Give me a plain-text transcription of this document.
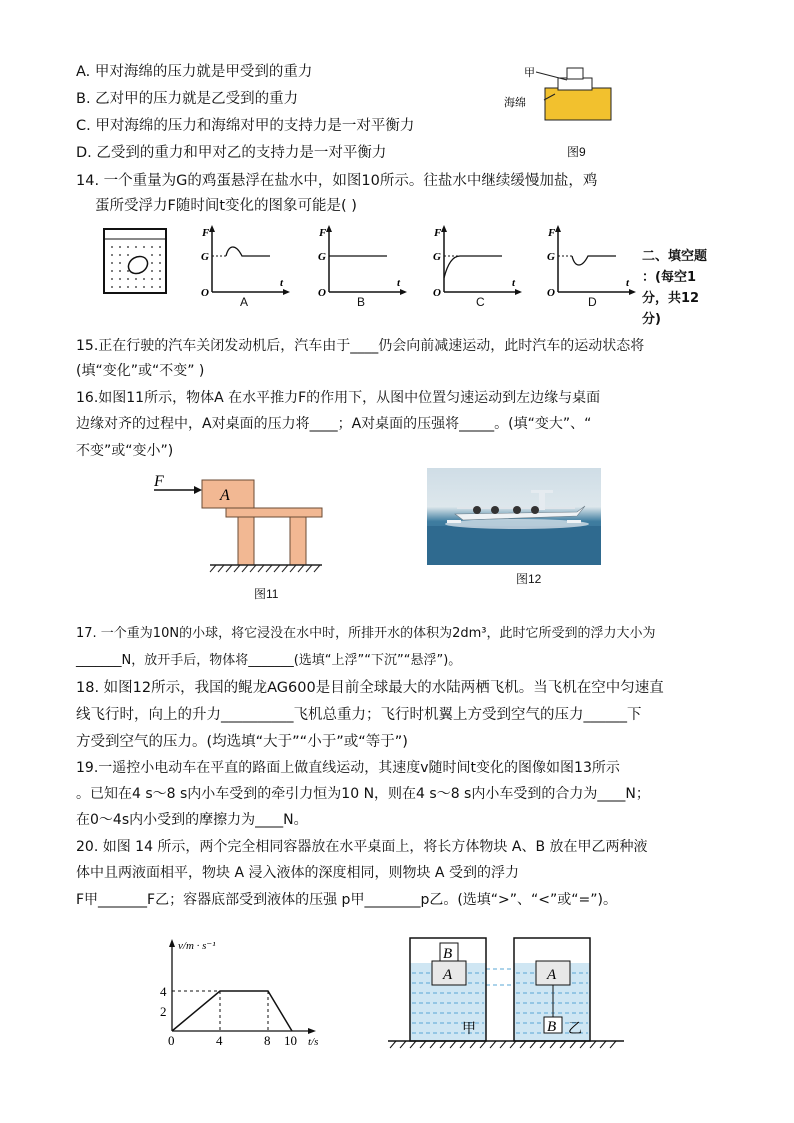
A. 甲对海绵的压力就是甲受到的重力
B. 乙对甲的压力就是乙受到的重力
C. 甲对海绵的压力和海绵对甲的支持力是一对平衡力
D. 乙受到的重力和甲对乙的支持力是一对平衡力
甲
海绵
图9
14. 一个重量为G的鸡蛋悬浮在盐水中，如图10所示。往盐水中继续缓慢加盐，鸡
蛋所受浮力F随时间t变化的图象可能是( )
F
G
O
t
A
F
G
O
t
B
F
G
O
t
C
F
G
O
t
D
二、填空题
：(每空1
分，共12
分)
15.正在行驶的汽车关闭发动机后，汽车由于____仍会向前减速运动，此时汽车的运动状态将
(填“变化”或“不变” )
16.如图11所示，物体A 在水平推力F的作用下，从图中位置匀速运动到左边缘与桌面
边缘对齐的过程中，A对桌面的压力将____；A对桌面的压强将_____。(填“变大”、“
不变”或“变小”)
F
A
图11
图12
17. 一个重为10N的小球，将它浸没在水中时，所排开水的体积为2dm³，此时它所受到的浮力大小为
_______N，放开手后，物体将_______(选填“上浮”“下沉”“悬浮”)。
18. 如图12所示，我国的鲲龙AG600是目前全球最大的水陆两栖飞机。当飞机在空中匀速直
线飞行时，向上的升力__________飞机总重力；飞行时机翼上方受到空气的压力______下
方受到空气的压力。(均选填“大于”“小于”或“等于”)
19.一遥控小电动车在平直的路面上做直线运动，其速度v随时间t变化的图像如图13所示
。已知在4 s～8 s内小车受到的牵引力恒为10 N，则在4 s～8 s内小车受到的合力为____N；
在0～4s内小受到的摩擦力为____N。
20. 如图 14 所示，两个完全相同容器放在水平桌面上，将长方体物块 A、B 放在甲乙两种液
体中且两液面相平，物块 A 浸入液体的深度相同，则物块 A 受到的浮力
F甲_______F乙；容器底部受到液体的压强 p甲________p乙。(选填“>”、“<”或“=”)。
v/m · s⁻¹
t/s
4
2
0	4	8 10
A
B
A
B
甲	乙
